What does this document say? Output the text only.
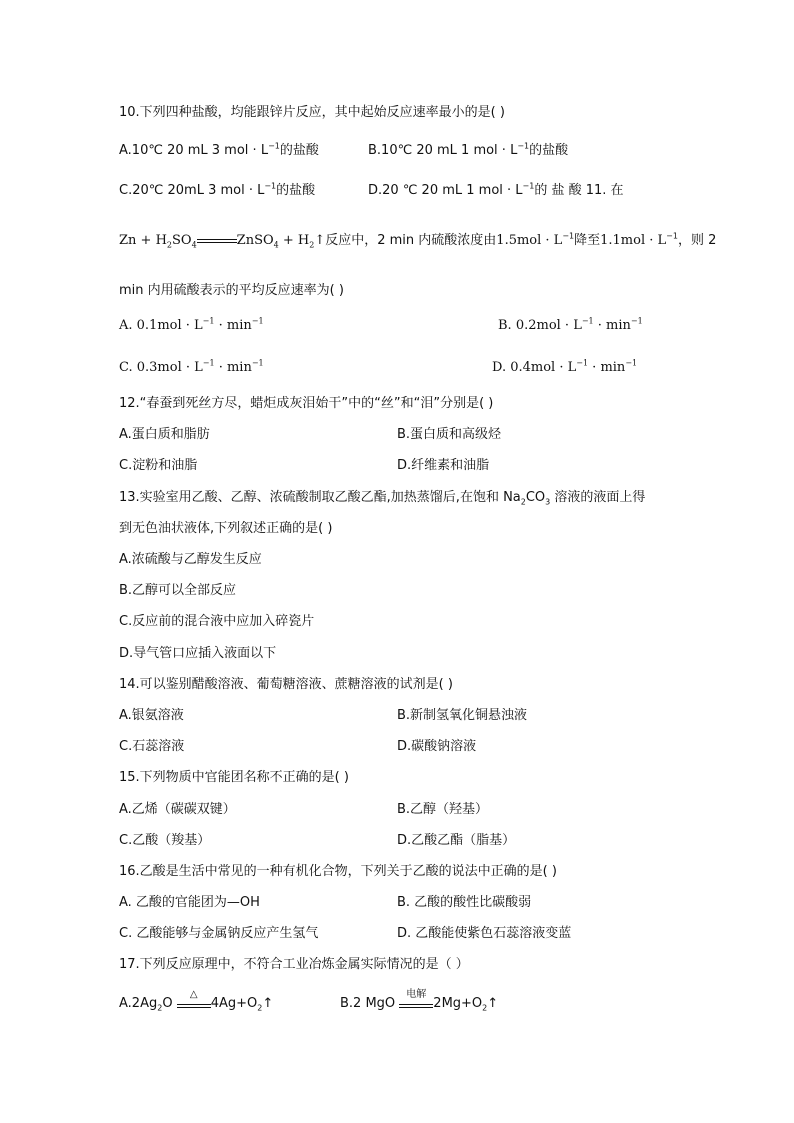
10.下列四种盐酸，均能跟锌片反应，其中起始反应速率最小的是( )
A.10℃ 20 mL 3 mol · $L^{-1}$的盐酸	B.10℃ 20 mL 1 mol · $L^{-1}$的盐酸
C.20℃ 20mL 3 mol · $L^{-1}$的盐酸	D.20 ℃ 20 mL 1 mol · $L^{-1}$的 盐 酸 11. 在
$Zn + H_2SO_4$	ZnSO$_4$ + $H_2↑$反应中，2 min 内硫酸浓度由$1.5mol \cdot L^{-1}$降至$1.1mol \cdot L^{-1}$，则 2
min 内用硫酸表示的平均反应速率为( )
A. $0.1mol \cdot L^{-1} \cdot \min^{-1}$	B. $0.2mol \cdot L^{-1} \cdot \min^{-1}$
C. $0.3mol \cdot L^{-1} \cdot \min^{-1}$	D. $0.4mol \cdot L^{-1} \cdot \min^{-1}$
12.“春蚕到死丝方尽，蜡炬成灰泪始干”中的“丝”和“泪”分别是( )
A.蛋白质和脂肪	B.蛋白质和高级烃
C.淀粉和油脂	D.纤维素和油脂
13.实验室用乙酸、乙醇、浓硫酸制取乙酸乙酯,加热蒸馏后,在饱和 $Na_2CO_3$ 溶液的液面上得
到无色油状液体,下列叙述正确的是( )
A.浓硫酸与乙醇发生反应
B.乙醇可以全部反应
C.反应前的混合液中应加入碎瓷片
D.导气管口应插入液面以下
14.可以鉴别醋酸溶液、葡萄糖溶液、蔗糖溶液的试剂是( )
A.银氨溶液	B.新制氢氧化铜悬浊液
C.石蕊溶液	D.碳酸钠溶液
15.下列物质中官能团名称不正确的是( )
A.乙烯（碳碳双键）	B.乙醇（羟基）
C.乙酸（羧基）	D.乙酸乙酯（脂基）
16.乙酸是生活中常见的一种有机化合物，下列关于乙酸的说法中正确的是( )
A. 乙酸的官能团为—OH	B. 乙酸的酸性比碳酸弱
C. 乙酸能够与金属钠反应产生氢气	D. 乙酸能使紫色石蕊溶液变蓝
17.下列反应原理中，不符合工业冶炼金属实际情况的是（ ）
$A.2Ag_2O$
△
$4Ag+O_2↑$	B.2 MgO
电解
$2Mg+O_2↑$
